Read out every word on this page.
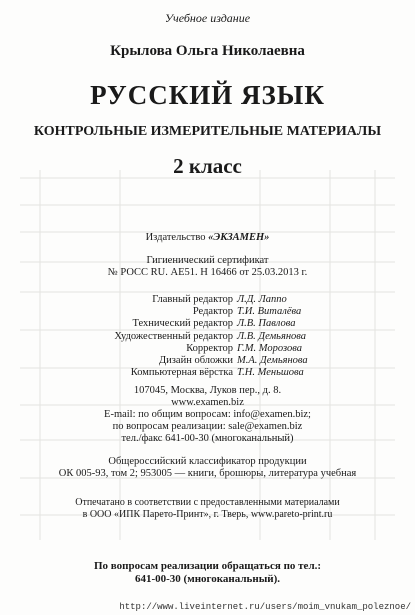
Учебное издание
Крылова Ольга Николаевна
РУССКИЙ ЯЗЫК
КОНТРОЛЬНЫЕ ИЗМЕРИТЕЛЬНЫЕ МАТЕРИАЛЫ
2 класс
Издательство «ЭКЗАМЕН»
Гигиенический сертификат
№ РОСС RU. АЕ51. Н 16466 от 25.03.2013 г.
Главный редактор Л.Д. Лаппо
Редактор Т.И. Виталёва
Технический редактор Л.В. Павлова
Художественный редактор Л.В. Демьянова
Корректор Г.М. Морозова
Дизайн обложки М.А. Демьянова
Компьютерная вёрстка Т.Н. Меньшова
107045, Москва, Луков пер., д. 8.
www.examen.biz
E-mail: по общим вопросам: info@examen.biz;
по вопросам реализации: sale@examen.biz
тел./факс 641-00-30 (многоканальный)
Общероссийский классификатор продукции
ОК 005-93, том 2; 953005 — книги, брошюры, литература учебная
Отпечатано в соответствии с предоставленными материалами
в ООО «ИПК Парето-Принт», г. Тверь, www.pareto-print.ru
По вопросам реализации обращаться по тел.:
641-00-30 (многоканальный).
http://www.liveinternet.ru/users/moim_vnukam_poleznoe/
